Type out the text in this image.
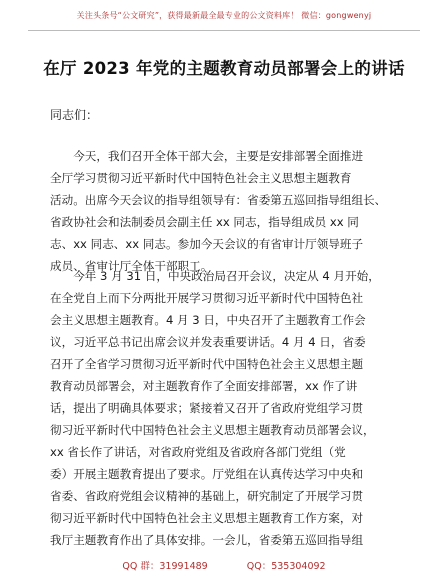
关注头条号“公文研究”，获得最新最全最专业的公文资料库！ 微信：gongwenyj
在厅 2023 年党的主题教育动员部署会上的讲话
同志们：
　　今天，我们召开全体干部大会，主要是安排部署全面推进
全厅学习贯彻习近平新时代中国特色社会主义思想主题教育
活动。出席今天会议的指导组领导有：省委第五巡回指导组组长、
省政协社会和法制委员会副主任 xx 同志，指导组成员 xx 同
志、xx 同志、xx 同志。参加今天会议的有省审计厅领导班子
成员、省审计厅全体干部职工。
　　今年 3 月 31 日，中央政治局召开会议，决定从 4 月开始，
在全党自上而下分两批开展学习贯彻习近平新时代中国特色社
会主义思想主题教育。4 月 3 日，中央召开了主题教育工作会
议，习近平总书记出席会议并发表重要讲话。4 月 4 日，省委
召开了全省学习贯彻习近平新时代中国特色社会主义思想主题
教育动员部署会，对主题教育作了全面安排部署，xx 作了讲
话，提出了明确具体要求；紧接着又召开了省政府党组学习贯
彻习近平新时代中国特色社会主义思想主题教育动员部署会议，
xx 省长作了讲话，对省政府党组及省政府各部门党组（党
委）开展主题教育提出了要求。厅党组在认真传达学习中央和
省委、省政府党组会议精神的基础上，研究制定了开展学习贯
彻习近平新时代中国特色社会主义思想主题教育工作方案，对
我厅主题教育作出了具体安排。一会儿，省委第五巡回指导组
QQ 群：31991489	QQ：535304092
